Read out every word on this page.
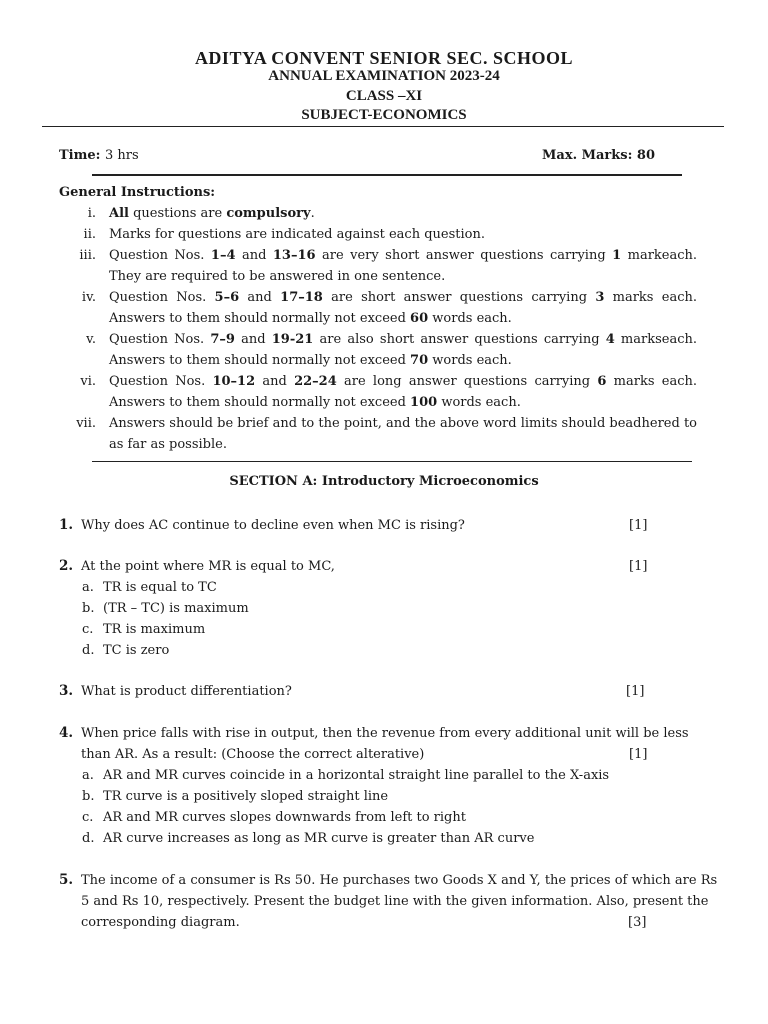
ADITYA CONVENT SENIOR SEC. SCHOOL
ANNUAL EXAMINATION 2023-24
CLASS –XI
SUBJECT-ECONOMICS
Time: 3 hrs	Max. Marks: 80
General Instructions:
i. All questions are compulsory.
ii. Marks for questions are indicated against each question.
iii. Question Nos. 1–4 and 13–16 are very short answer questions carrying 1 markeach. They are required to be answered in one sentence.
iv. Question Nos. 5–6 and 17–18 are short answer questions carrying 3 marks each. Answers to them should normally not exceed 60 words each.
v. Question Nos. 7–9 and 19-21 are also short answer questions carrying 4 markseach. Answers to them should normally not exceed 70 words each.
vi. Question Nos. 10–12 and 22–24 are long answer questions carrying 6 marks each. Answers to them should normally not exceed 100 words each.
vii. Answers should be brief and to the point, and the above word limits should beadhered to as far as possible.
SECTION A: Introductory Microeconomics
1. Why does AC continue to decline even when MC is rising?	[1]
2. At the point where MR is equal to MC,	[1]
a. TR is equal to TC
b. (TR – TC) is maximum
c. TR is maximum
d. TC is zero
3. What is product differentiation?	[1]
4. When price falls with rise in output, then the revenue from every additional unit will be less
than AR. As a result: (Choose the correct alterative)	[1]
a. AR and MR curves coincide in a horizontal straight line parallel to the X-axis
b. TR curve is a positively sloped straight line
c. AR and MR curves slopes downwards from left to right
d. AR curve increases as long as MR curve is greater than AR curve
5. The income of a consumer is Rs 50. He purchases two Goods X and Y, the prices of which are Rs
5 and Rs 10, respectively. Present the budget line with the given information. Also, present the
corresponding diagram.	[3]
